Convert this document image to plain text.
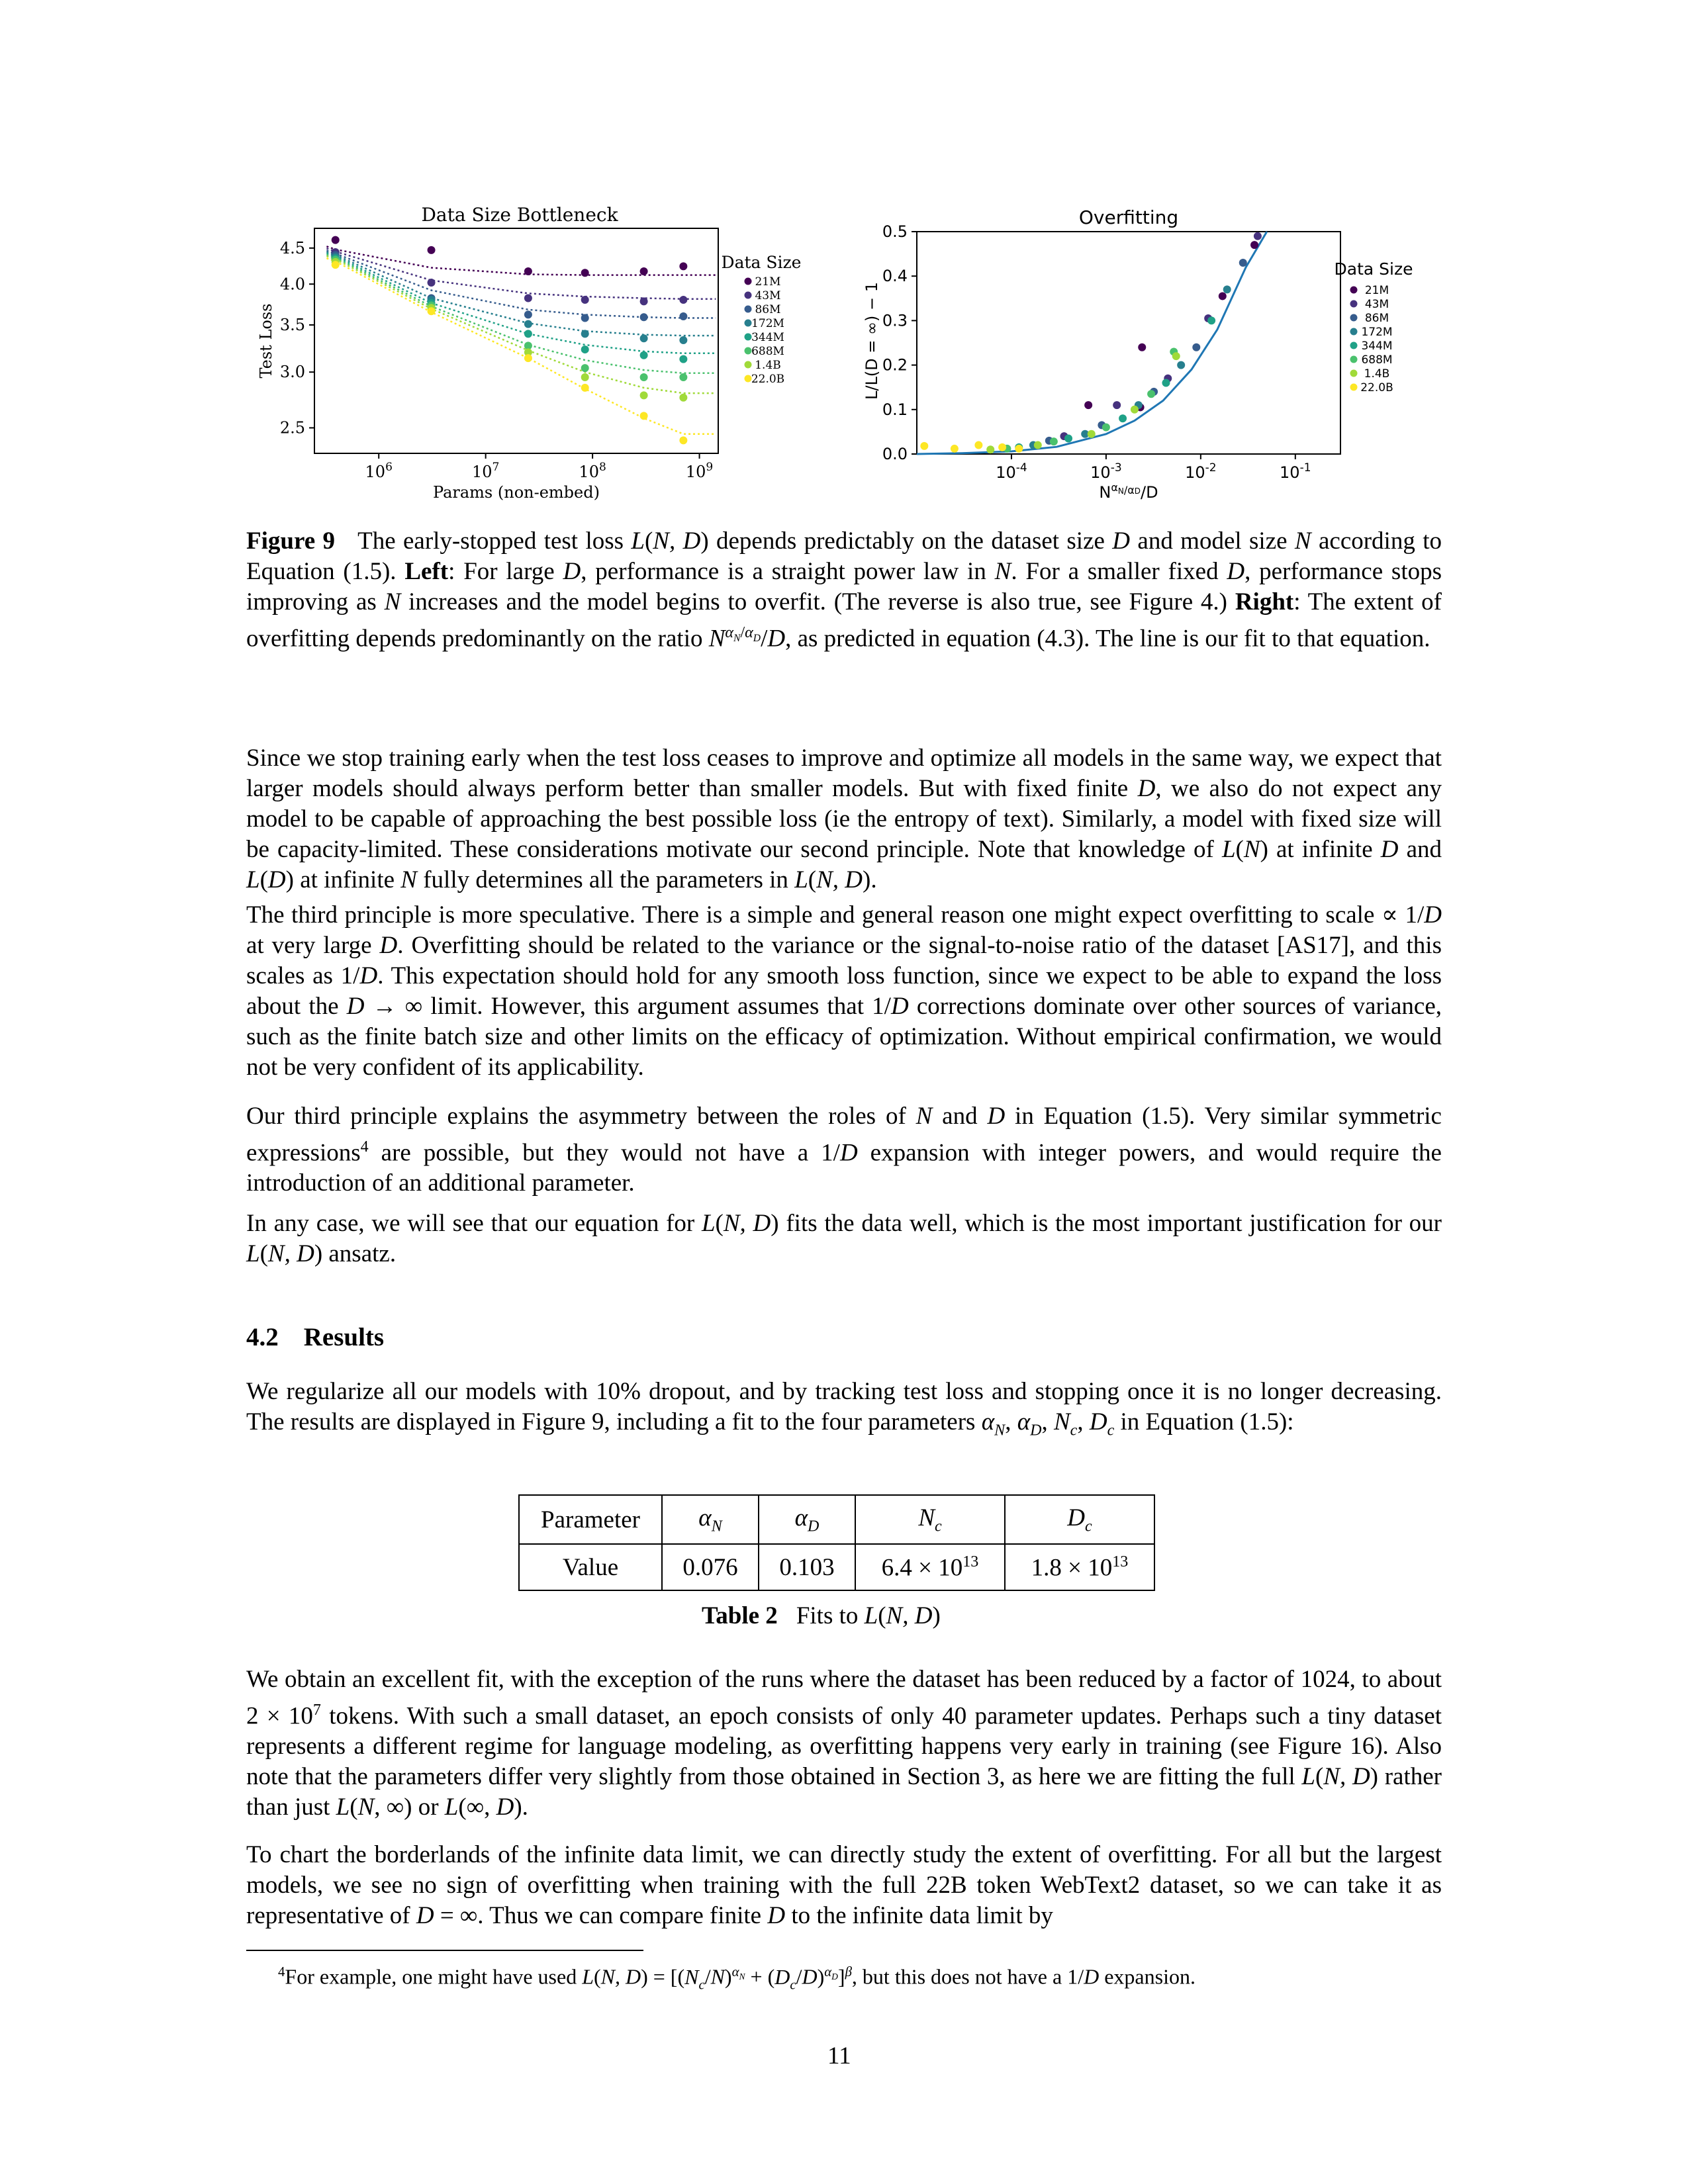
Data Size Bottleneck
2.5
3.0
3.5
4.0
4.5
$10^6$	$10^7$	$10^8$	$10^9$
Params (non-embed)
Test Loss
Data Size
21M
43M
86M
172M
344M
688M
1.4B
22.0B
Overfitting
0.0
0.1
0.2
0.3
0.4
0.5
$10^{-4}$	$10^{-3}$	$10^{-2}$	$10^{-1}$
$N^{\alpha_N/\alpha D}/D$
L/L(D = ∞) − 1
Data Size
21M
43M
86M
172M
344M
688M
1.4B
22.0B
Figure 9   The early-stopped test loss L(N, D) depends predictably on the dataset size D and model size N according to Equation (1.5). Left: For large D, performance is a straight power law in N. For a smaller fixed D, performance stops improving as N increases and the model begins to overfit. (The reverse is also true, see Figure 4.) Right: The extent of overfitting depends predominantly on the ratio $N^{\alpha_N/\alpha_D}/D$, as predicted in equation (4.3). The line is our fit to that equation.
Since we stop training early when the test loss ceases to improve and optimize all models in the same way, we expect that larger models should always perform better than smaller models. But with fixed finite D, we also do not expect any model to be capable of approaching the best possible loss (ie the entropy of text). Similarly, a model with fixed size will be capacity-limited. These considerations motivate our second principle. Note that knowledge of L(N) at infinite D and L(D) at infinite N fully determines all the parameters in L(N, D).
The third principle is more speculative. There is a simple and general reason one might expect overfitting to scale ∝ 1/D at very large D. Overfitting should be related to the variance or the signal-to-noise ratio of the dataset [AS17], and this scales as 1/D. This expectation should hold for any smooth loss function, since we expect to be able to expand the loss about the D → ∞ limit. However, this argument assumes that 1/D corrections dominate over other sources of variance, such as the finite batch size and other limits on the efficacy of optimization. Without empirical confirmation, we would not be very confident of its applicability.
Our third principle explains the asymmetry between the roles of N and D in Equation (1.5). Very similar symmetric expressions$^4$ are possible, but they would not have a 1/D expansion with integer powers, and would require the introduction of an additional parameter.
In any case, we will see that our equation for L(N, D) fits the data well, which is the most important justification for our L(N, D) ansatz.
4.2 Results
We regularize all our models with 10% dropout, and by tracking test loss and stopping once it is no longer decreasing. The results are displayed in Figure 9, including a fit to the four parameters $\alpha_N$, $\alpha_D$, $N_c$, $D_c$ in Equation (1.5):
Parameter	$\alpha_N$	$\alpha_D$	$N_c$	$D_c$
Value	0.076	0.103	$6.4 \times 10^{13}$	$1.8 \times 10^{13}$
Table 2 Fits to L(N, D)
We obtain an excellent fit, with the exception of the runs where the dataset has been reduced by a factor of 1024, to about $2 \times 10^7$ tokens. With such a small dataset, an epoch consists of only 40 parameter updates. Perhaps such a tiny dataset represents a different regime for language modeling, as overfitting happens very early in training (see Figure 16). Also note that the parameters differ very slightly from those obtained in Section 3, as here we are fitting the full L(N, D) rather than just L(N, ∞) or L(∞, D).
To chart the borderlands of the infinite data limit, we can directly study the extent of overfitting. For all but the largest models, we see no sign of overfitting when training with the full 22B token WebText2 dataset, so we can take it as representative of D = ∞. Thus we can compare finite D to the infinite data limit by
$^4$For example, one might have used L(N, $D) = [(N_c/N)^{\alpha_N} + (D_c/D)^{\alpha_D}]^\beta$, but this does not have a 1/D expansion.
11
